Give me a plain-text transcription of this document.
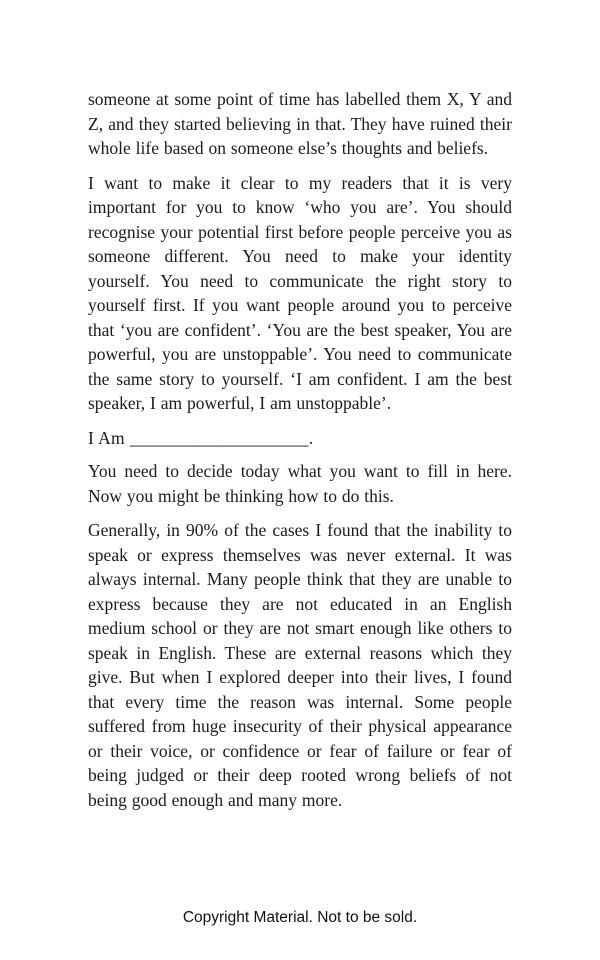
someone at some point of time has labelled them X, Y and Z, and they started believing in that. They have ruined their whole life based on someone else’s thoughts and beliefs.

I want to make it clear to my readers that it is very important for you to know ‘who you are’. You should recognise your potential first before people perceive you as someone different. You need to make your identity yourself. You need to communicate the right story to yourself first. If you want people around you to perceive that ‘you are confident’. ‘You are the best speaker, You are powerful, you are unstoppable’. You need to communicate the same story to yourself. ‘I am confident. I am the best speaker, I am powerful, I am unstoppable’.

I Am ____________________.

You need to decide today what you want to fill in here. Now you might be thinking how to do this.

Generally, in 90% of the cases I found that the inability to speak or express themselves was never external. It was always internal. Many people think that they are unable to express because they are not educated in an English medium school or they are not smart enough like others to speak in English. These are external reasons which they give. But when I explored deeper into their lives, I found that every time the reason was internal. Some people suffered from huge insecurity of their physical appearance or their voice, or confidence or fear of failure or fear of being judged or their deep rooted wrong beliefs of not being good enough and many more.

Copyright Material. Not to be sold.
